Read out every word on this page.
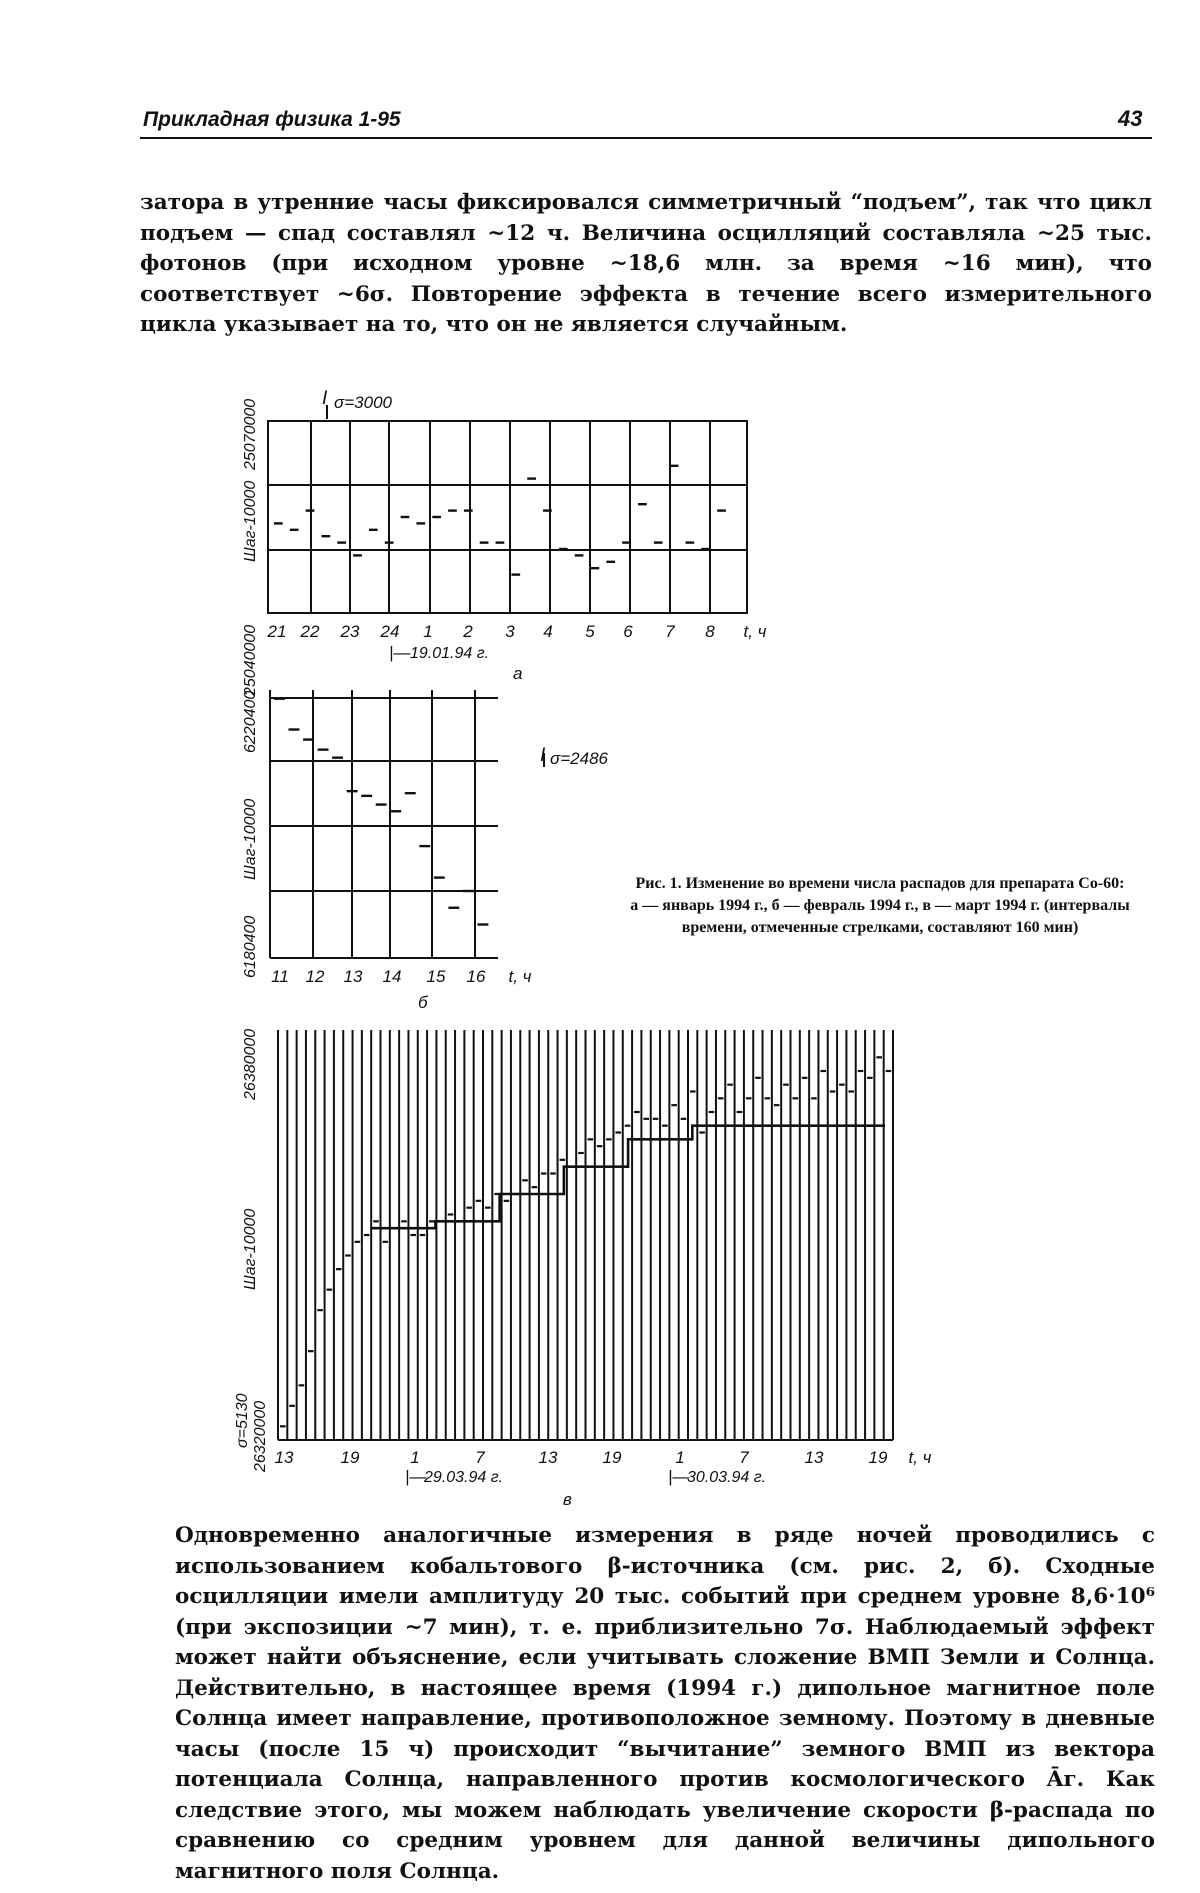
Прикладная физика 1-95	43
затора в утренние часы фиксировался симметричный “подъем”, так что цикл подъем — спад составлял ~12 ч. Величина осцилляций составляла ~25 тыс. фотонов (при исходном уровне ~18,6 млн. за время ~16 мин), что соответствует ~6σ. Повторение эффекта в течение всего измерительного цикла указывает на то, что он не является случайным.
Ι σ=3000
25070000
Шаг-10000
25040000 21 22 23 24 1 2 3 4 5 6 7 8 t, ч
|— 19.01.94 г.
а
Ι σ=2486
6220400
Шаг-10000
6180400 11 12 13 14 15 16 t, ч
б
Рис. 1. Изменение во времени числа распадов для препарата Co-60:
а — январь 1994 г., б — февраль 1994 г., в — март 1994 г. (интервалы времени, отмеченные стрелками, составляют 160 мин)
26380000
Шаг-10000
σ=5130 26320000 13	19	1	7	13	19	1	7	13	19 t, ч
|—
29.03.94 г.	|—
30.03.94 г.
в

Одновременно аналогичные измерения в ряде ночей проводились с использованием кобальтового β-источника (см. рис. 2, б). Сходные осцилляции имели амплитуду 20 тыс. событий при среднем уровне 8,6·10⁶ (при экспозиции ~7 мин), т. е. приблизительно 7σ. Наблюдаемый эффект может найти объяснение, если учитывать сложение ВМП Земли и Солнца. Действительно, в настоящее время (1994 г.) дипольное магнитное поле Солнца имеет направление, противоположное земному. Поэтому в дневные часы (после 15 ч) происходит “вычитание” земного ВМП из вектора потенциала Солнца, направленного против космологического Āг. Как следствие этого, мы можем наблюдать увеличение скорости β-распада по сравнению со средним уровнем для данной величины дипольного магнитного поля Солнца.
